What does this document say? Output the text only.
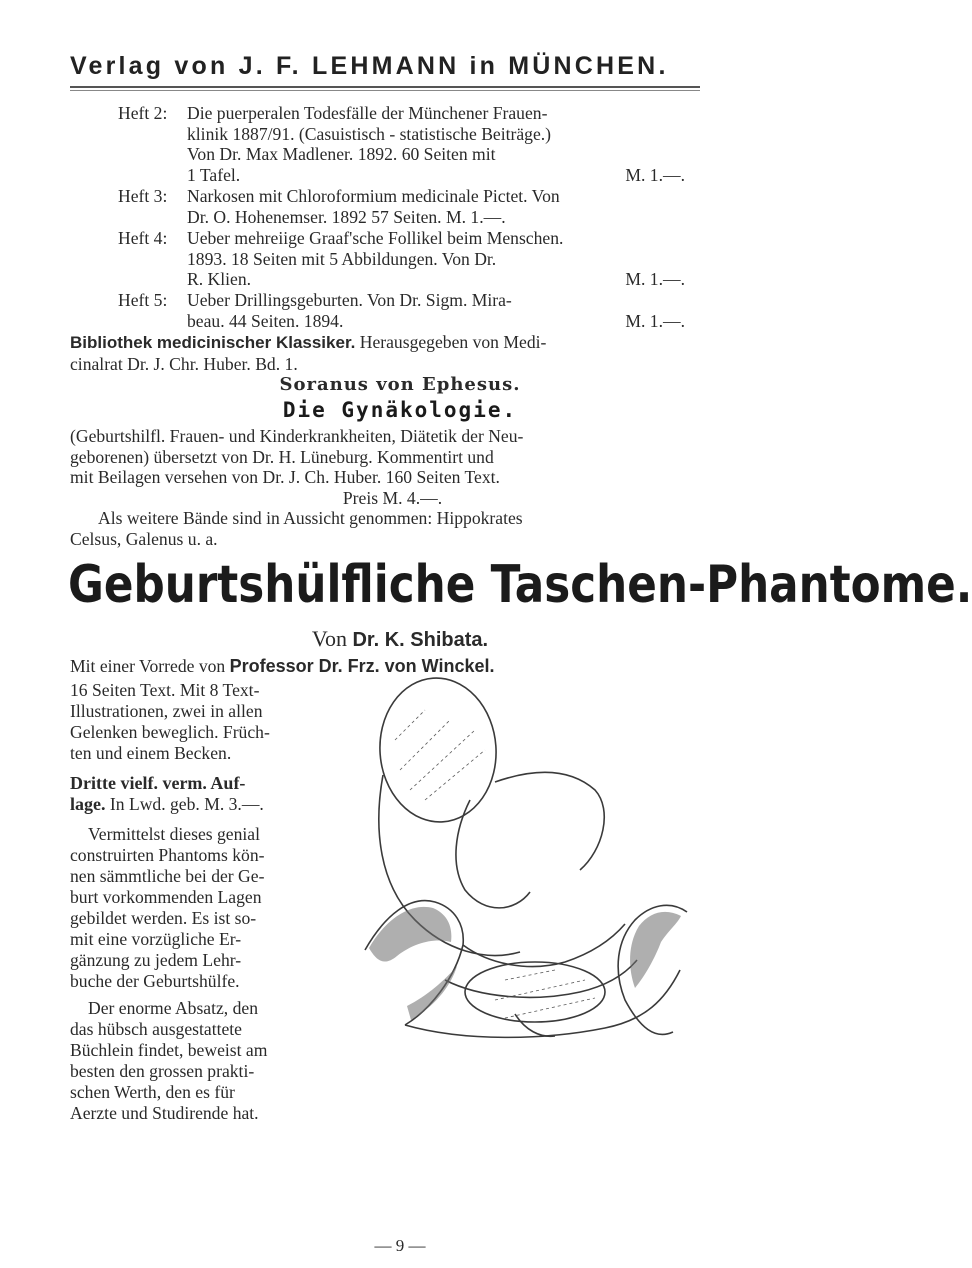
Verlag von J. F. LEHMANN in MÜNCHEN.
Heft 2: Die puerperalen Todesfälle der Münchener Frauen-
klinik 1887/91. (Casuistisch - statistische Beiträge.)
Von Dr. Max Madlener. 1892. 60 Seiten mit
1 Tafel.	M. 1.—.
Heft 3: Narkosen mit Chloroformium medicinale Pictet. Von
Dr. O. Hohenemser. 1892 57 Seiten. M. 1.—.
Heft 4: Ueber mehreiige Graaf'sche Follikel beim Menschen.
1893. 18 Seiten mit 5 Abbildungen. Von Dr.
R. Klien.	M. 1.—.
Heft 5: Ueber Drillingsgeburten. Von Dr. Sigm. Mira-
beau. 44 Seiten. 1894.	M. 1.—.
Bibliothek medicinischer Klassiker. Herausgegeben von Medi-
cinalrat Dr. J. Chr. Huber. Bd. 1.
Soranus von Ephesus.
Die Gynäkologie.
(Geburtshilfl. Frauen- und Kinderkrankheiten, Diätetik der Neu-
geborenen) übersetzt von Dr. H. Lüneburg. Kommentirt und
mit Beilagen versehen von Dr. J. Ch. Huber. 160 Seiten Text.
Preis M. 4.—.
Als weitere Bände sind in Aussicht genommen: Hippokrates
Celsus, Galenus u. a.
Geburtshülfliche Taschen-Phantome.
Von Dr. K. Shibata.
Mit einer Vorrede von Professor Dr. Frz. von Winckel.
16 Seiten Text. Mit 8 Text-
Illustrationen, zwei in allen
Gelenken beweglich. Früch-
ten und einem Becken.
Dritte vielf. verm. Auf-
lage. In Lwd. geb. M. 3.—.
Vermittelst dieses genial
construirten Phantoms kön-
nen sämmtliche bei der Ge-
burt vorkommenden Lagen
gebildet werden. Es ist so-
mit eine vorzügliche Er-
gänzung zu jedem Lehr-
buche der Geburtshülfe.
Der enorme Absatz, den
das hübsch ausgestattete
Büchlein findet, beweist am
besten den grossen prakti-
schen Werth, den es für
Aerzte und Studirende hat.
— 9 —
